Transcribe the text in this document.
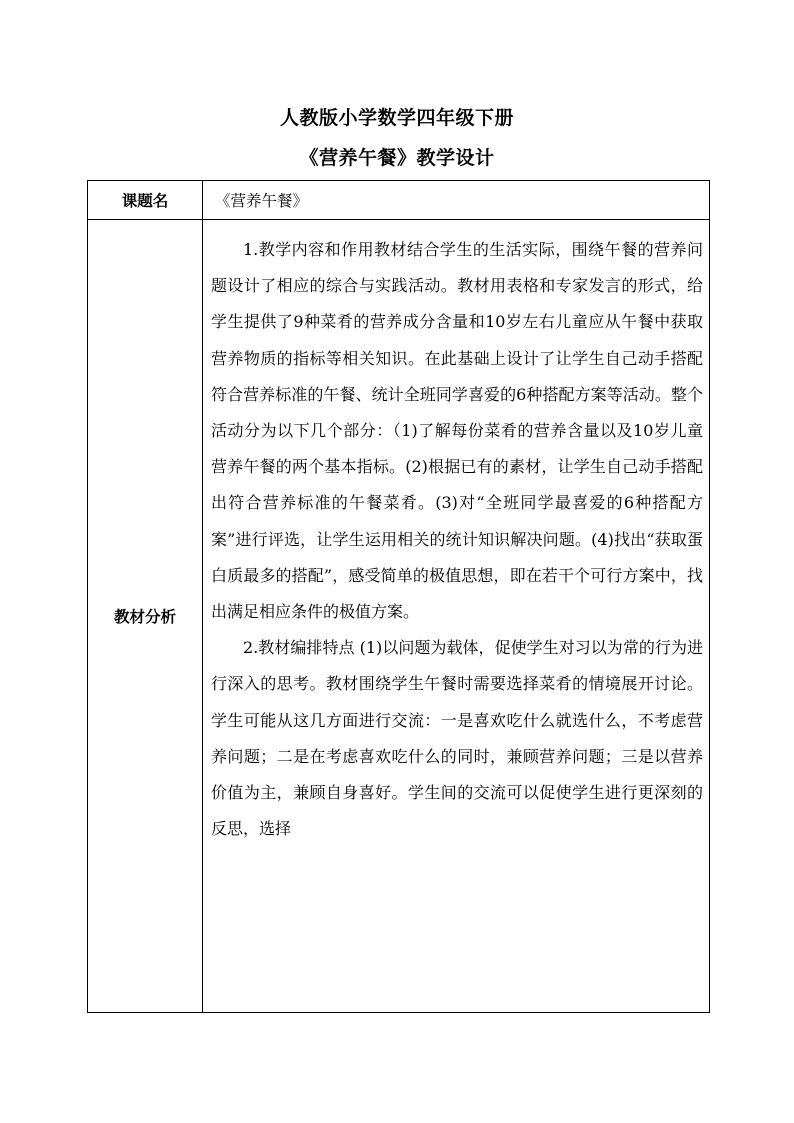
人教版小学数学四年级下册
《营养午餐》教学设计
课题名	《营养午餐》

教材分析	1.教学内容和作用教材结合学生的生活实际，围绕午餐的营养问题设计了相应的综合与实践活动。教材用表格和专家发言的形式，给学生提供了9种菜肴的营养成分含量和10岁左右儿童应从午餐中获取营养物质的指标等相关知识。在此基础上设计了让学生自己动手搭配符合营养标准的午餐、统计全班同学喜爱的6种搭配方案等活动。整个活动分为以下几个部分：（1)了解每份菜肴的营养含量以及10岁儿童营养午餐的两个基本指标。(2)根据已有的素材，让学生自己动手搭配出符合营养标准的午餐菜肴。(3)对“全班同学最喜爱的6种搭配方案”进行评选，让学生运用相关的统计知识解决问题。(4)找出“获取蛋白质最多的搭配”，感受简单的极值思想，即在若干个可行方案中，找出满足相应条件的极值方案。

2.教材编排特点 (1)以问题为载体，促使学生对习以为常的行为进行深入的思考。教材围绕学生午餐时需要选择菜肴的情境展开讨论。学生可能从这几方面进行交流：一是喜欢吃什么就选什么，不考虑营养问题；二是在考虑喜欢吃什么的同时，兼顾营养问题；三是以营养价值为主，兼顾自身喜好。学生间的交流可以促使学生进行更深刻的反思，选择
